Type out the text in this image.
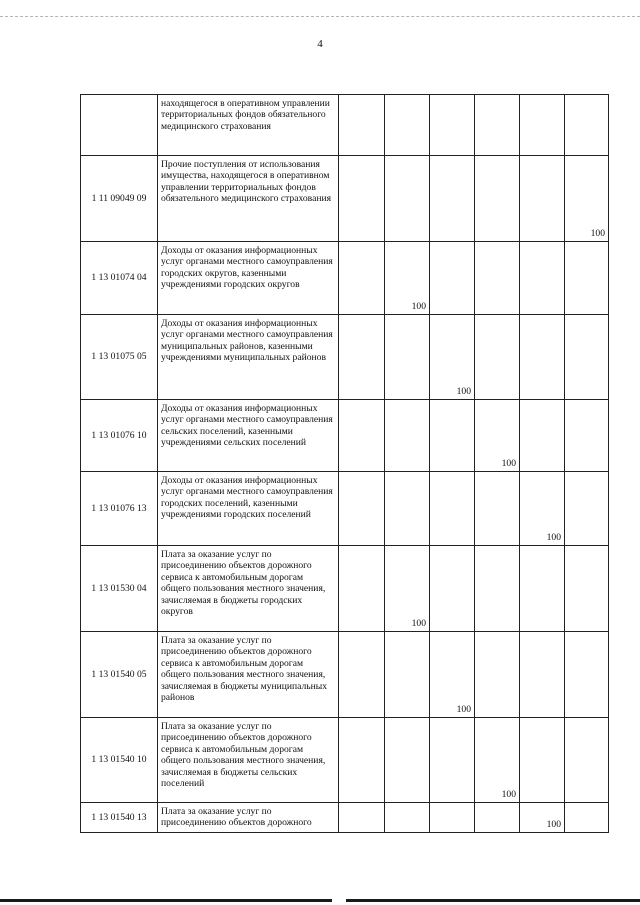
4
	находящегося в оперативном управлении территориальных фондов обязательного медицинского страхования						
1 11 09049 09	Прочие поступления от использования имущества, находящегося в оперативном управлении территориальных фондов обязательного медицинского страхования						100
1 13 01074 04	Доходы от оказания информационных услуг органами местного самоуправления городских округов, казенными учреждениями городских округов		100				
1 13 01075 05	Доходы от оказания информационных услуг органами местного самоуправления муниципальных районов, казенными учреждениями муниципальных районов			100			
1 13 01076 10	Доходы от оказания информационных услуг органами местного самоуправления сельских поселений, казенными учреждениями сельских поселений				100		
1 13 01076 13	Доходы от оказания информационных услуг органами местного самоуправления городских поселений, казенными учреждениями городских поселений					100	
1 13 01530 04	Плата за оказание услуг по присоединению объектов дорожного сервиса к автомобильным дорогам общего пользования местного значения, зачисляемая в бюджеты городских округов		100				
1 13 01540 05	Плата за оказание услуг по присоединению объектов дорожного сервиса к автомобильным дорогам общего пользования местного значения, зачисляемая в бюджеты муниципальных районов			100			
1 13 01540 10	Плата за оказание услуг по присоединению объектов дорожного сервиса к автомобильным дорогам общего пользования местного значения, зачисляемая в бюджеты сельских поселений				100		
1 13 01540 13	Плата за оказание услуг по присоединению объектов дорожного					100	
